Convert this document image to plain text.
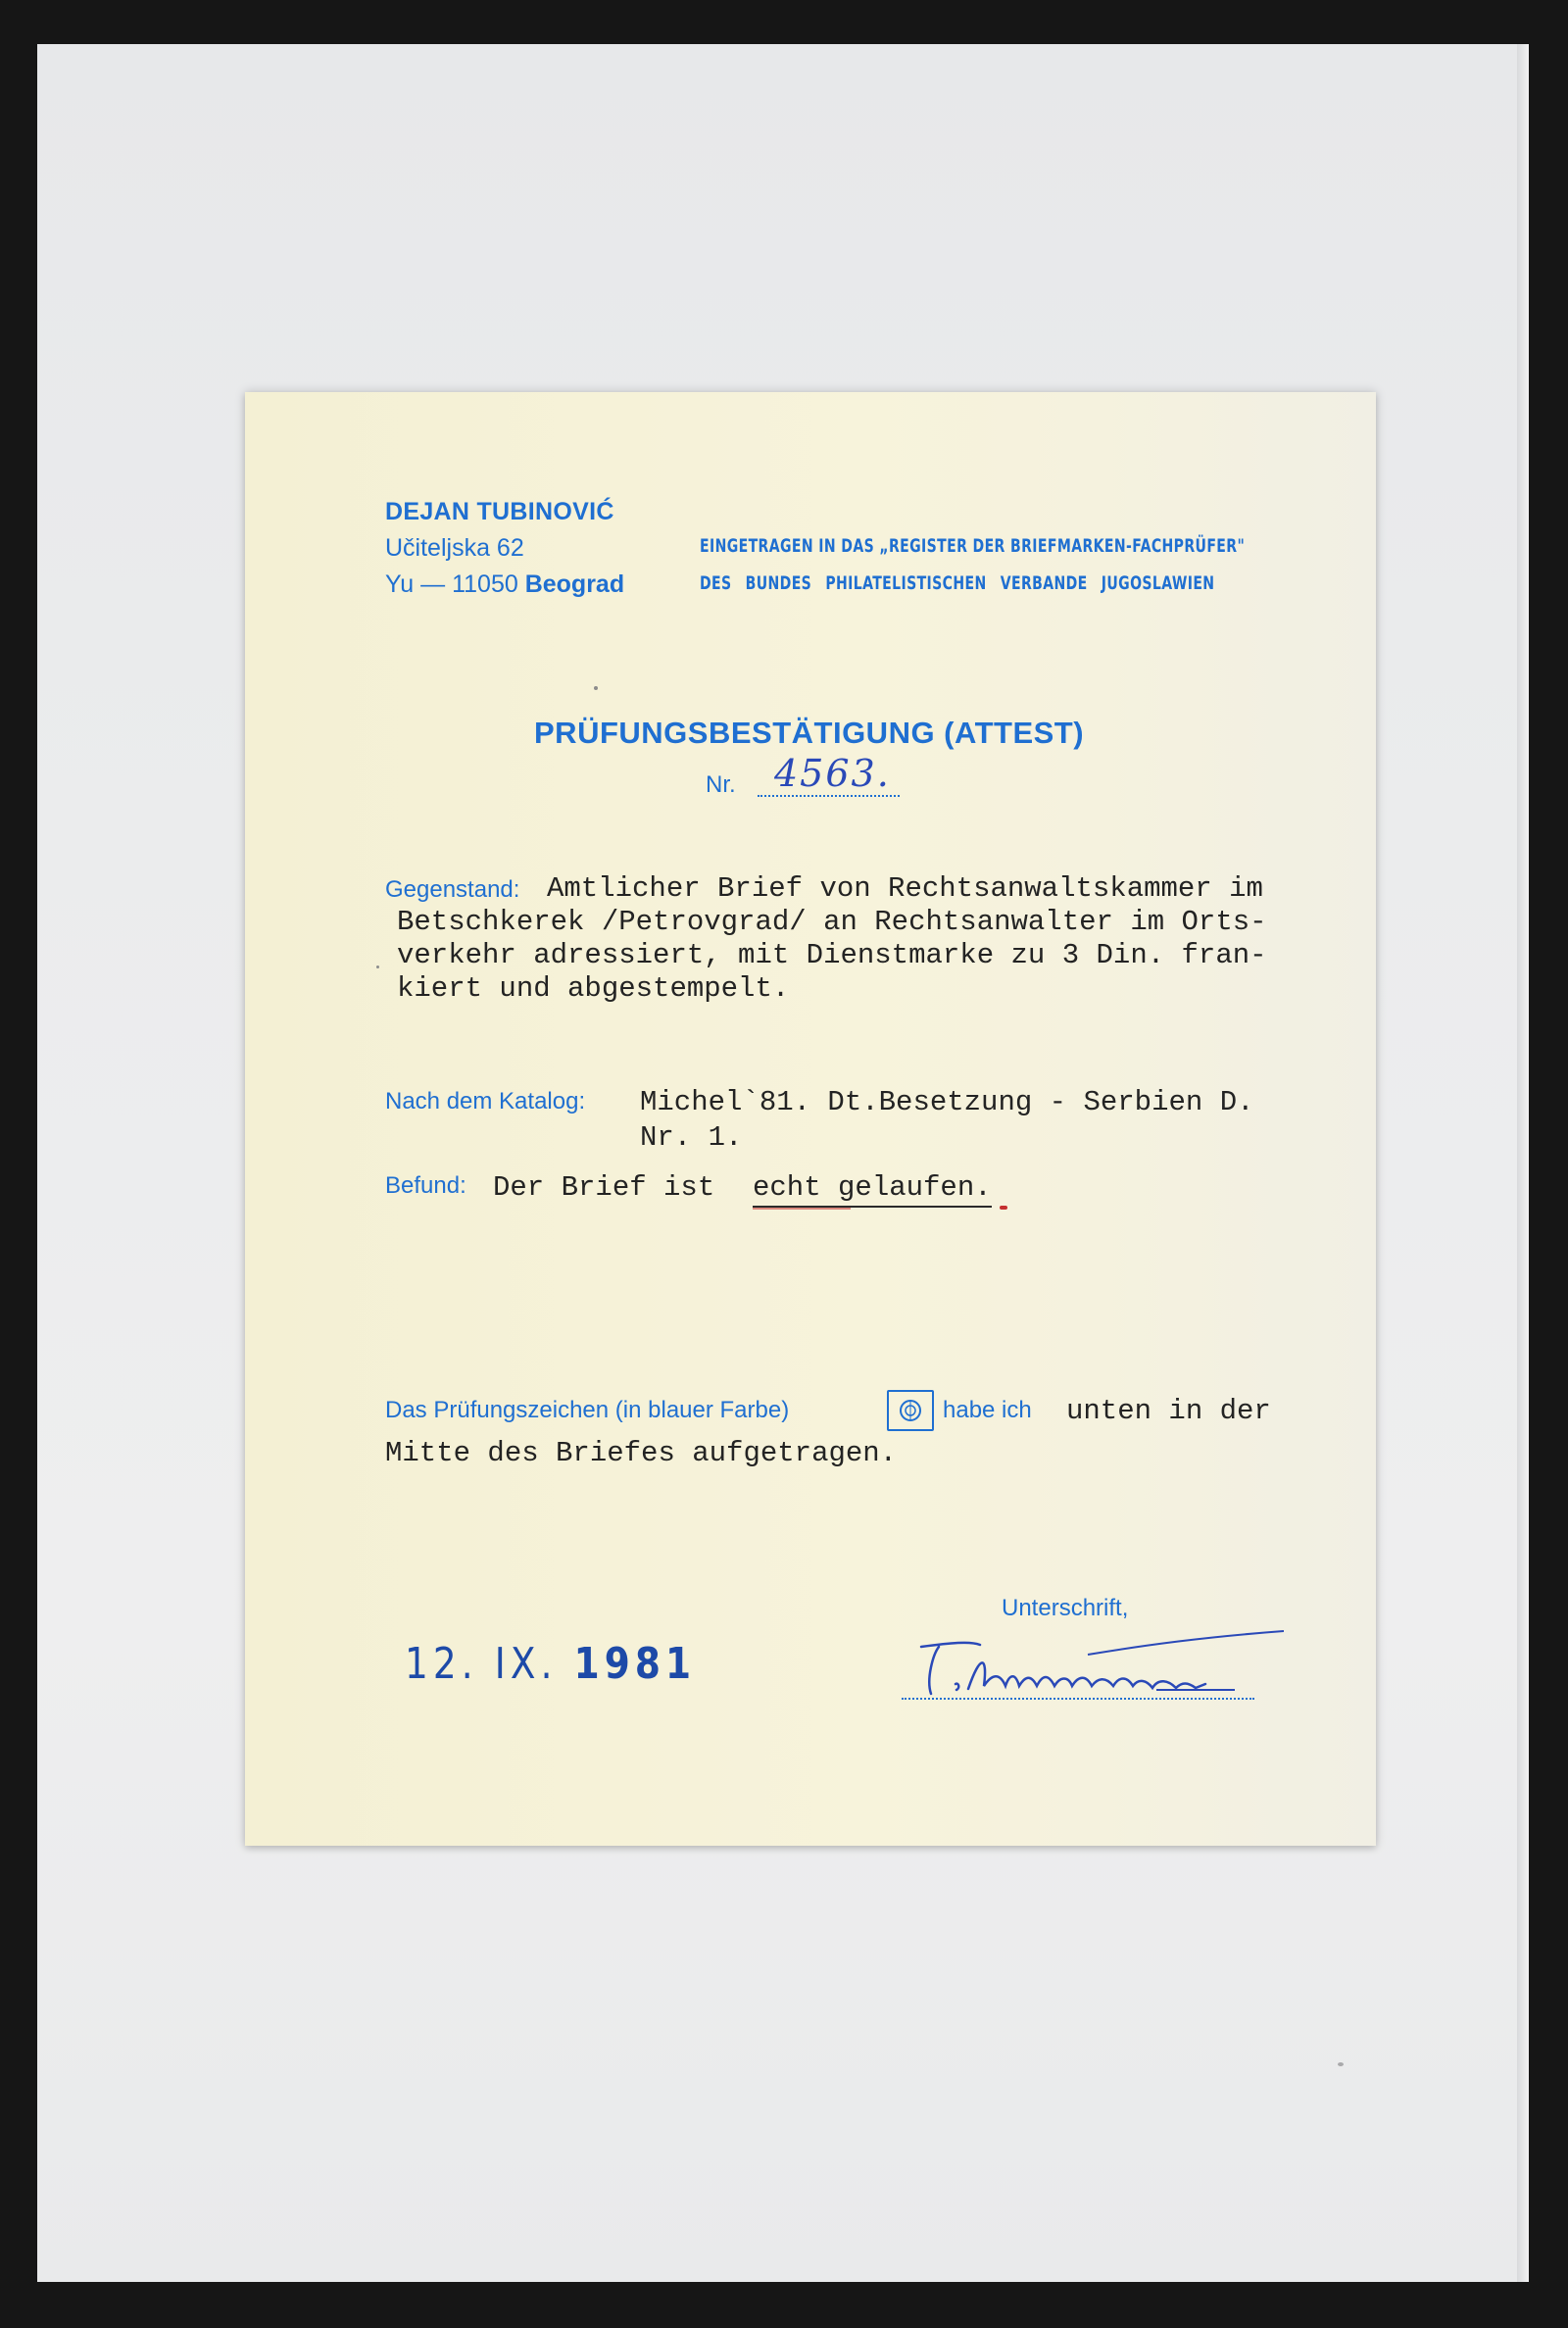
DEJAN TUBINOVIĆ
Učiteljska 62
Yu — 11050 Beograd
EINGETRAGEN IN DAS „REGISTER DER BRIEFMARKEN-FACHPRÜFER"
DES BUNDES PHILATELISTISCHEN VERBANDE JUGOSLAWIEN
PRÜFUNGSBESTÄTIGUNG (ATTEST)
Nr. 4563.
Gegenstand: Amtlicher Brief von Rechtsanwaltskammer im
Betschkerek /Petrovgrad/ an Rechtsanwalter im Orts-
verkehr adressiert, mit Dienstmarke zu 3 Din. fran-
kiert und abgestempelt.
Nach dem Katalog: Michel`81. Dt.Besetzung - Serbien D.
Nr. 1.
Befund: Der Brief ist echt gelaufen.
Das Prüfungszeichen (in blauer Farbe)	habe ich unten in der
Mitte des Briefes aufgetragen.
Unterschrift,
12. IX. 1981
